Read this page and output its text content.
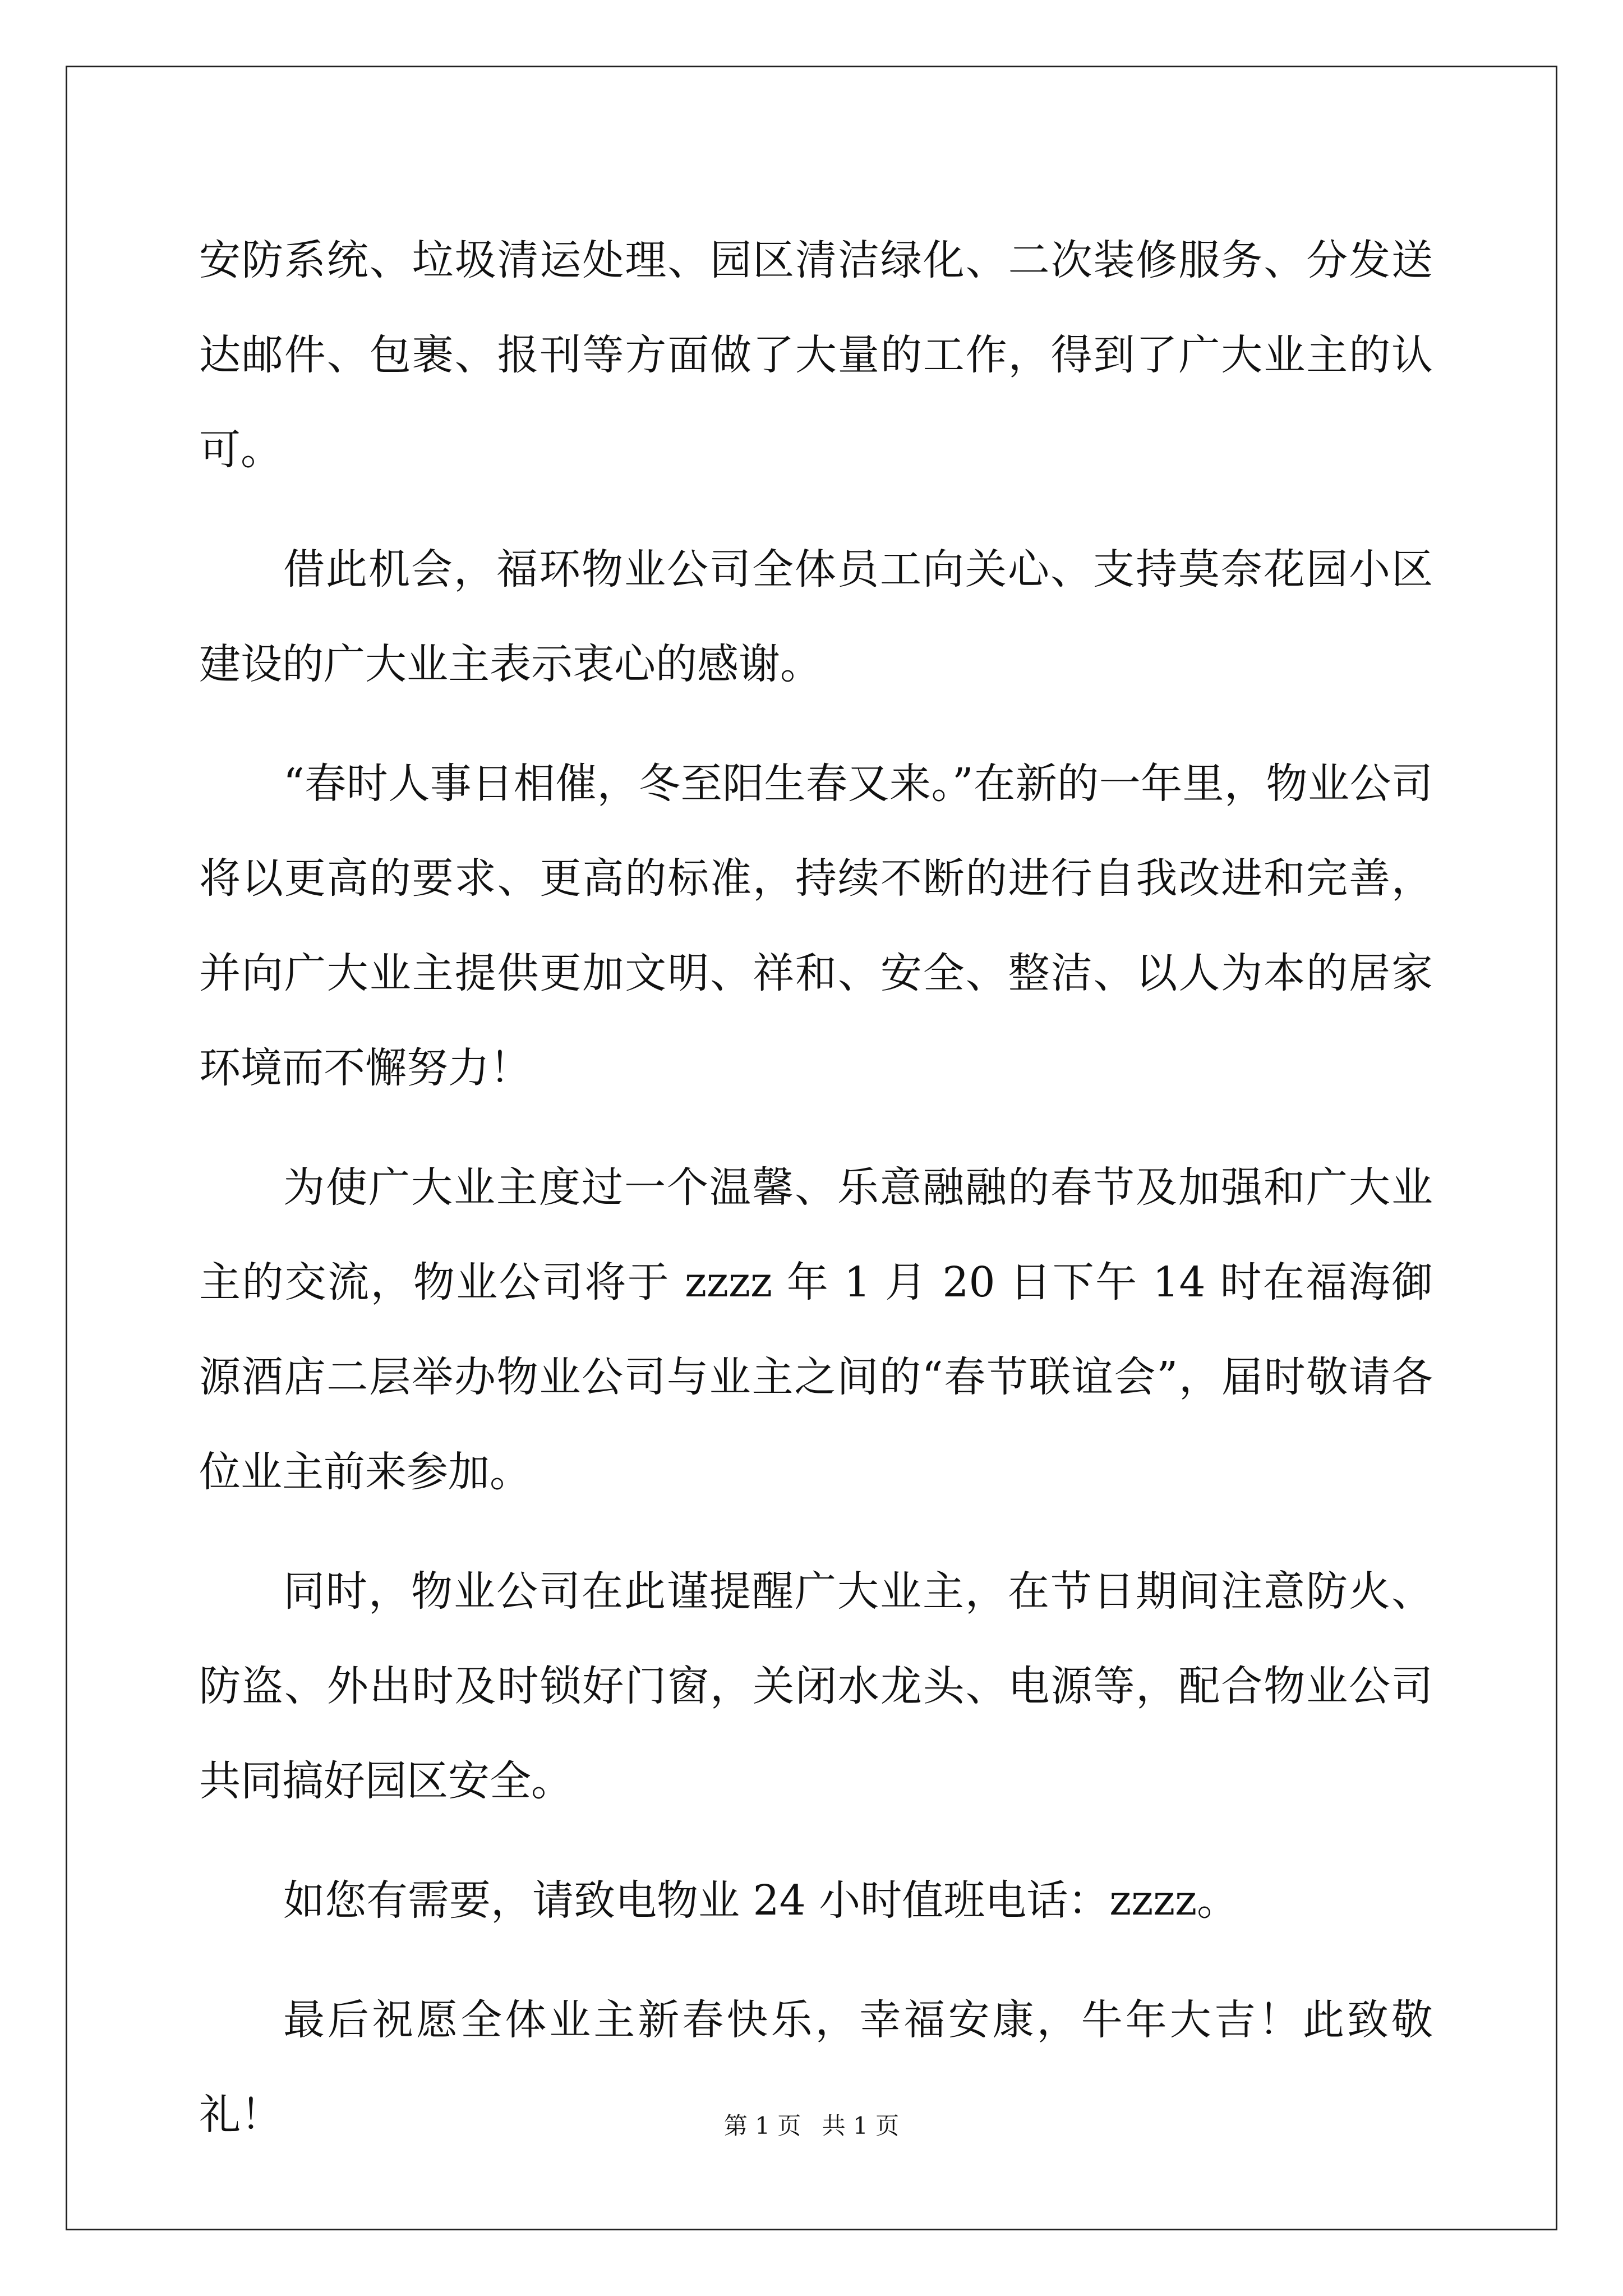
安防系统、垃圾清运处理、园区清洁绿化、二次装修服务、分发送达邮件、包裹、报刊等方面做了大量的工作，得到了广大业主的认可。

借此机会，福环物业公司全体员工向关心、支持莫奈花园小区建设的广大业主表示衷心的感谢。

“春时人事日相催，冬至阳生春又来。”在新的一年里，物业公司将以更高的要求、更高的标准，持续不断的进行自我改进和完善，并向广大业主提供更加文明、祥和、安全、整洁、以人为本的居家环境而不懈努力！

为使广大业主度过一个温馨、乐意融融的春节及加强和广大业主的交流，物业公司将于 zzzz 年 1 月 20 日下午 14 时在福海御源酒店二层举办物业公司与业主之间的“春节联谊会”，届时敬请各位业主前来参加。

同时，物业公司在此谨提醒广大业主，在节日期间注意防火、防盗、外出时及时锁好门窗，关闭水龙头、电源等，配合物业公司共同搞好园区安全。

如您有需要，请致电物业 24 小时值班电话：zzzz。

最后祝愿全体业主新春快乐，幸福安康，牛年大吉！此致敬礼！	第 1 页 共 1 页
